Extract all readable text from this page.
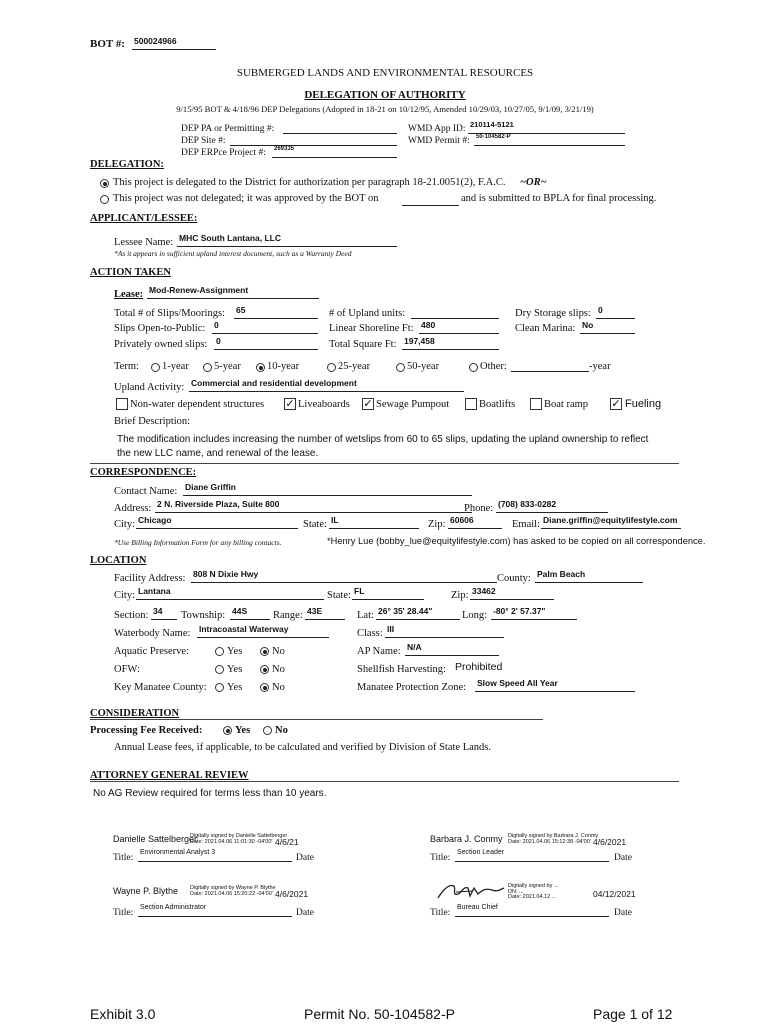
BOT #: 500024966
SUBMERGED LANDS AND ENVIRONMENTAL RESOURCES
DELEGATION OF AUTHORITY
9/15/95 BOT & 4/18/96 DEP Delegations (Adopted in 18-21 on 10/12/95, Amended 10/29/03, 10/27/05, 9/1/09, 3/21/19)
DEP PA or Permitting #:
DEP Site #:
DEP ERPce Project #:	269335
WMD App ID: 210114-5121
WMD Permit #:	50-104582-P
DELEGATION:
This project is delegated to the District for authorization per paragraph 18-21.0051(2), F.A.C. ~OR~
This project was not delegated; it was approved by the BOT on	and is submitted to BPLA for final processing.
APPLICANT/LESSEE:
Lessee Name: MHC South Lantana, LLC
*As it appears in sufficient upland interest document, such as a Warranty Deed
ACTION TAKEN
Lease: Mod-Renew-Assignment
Total # of Slips/Moorings: 65
Slips Open-to-Public: 0
Privately owned slips: 0
# of Upland units:
Linear Shoreline Ft: 480
Total Square Ft: 197,458
Dry Storage slips: 0
Clean Marina: No
Term: 1-year 5-year 10-year	25-year	50-year	Other:	-year
Upland Activity: Commercial and residential development
Non-water dependent structures ✓ Liveaboards ✓ Sewage Pumpout	Boatlifts	Boat ramp ✓ Fueling
Brief Description:
The modification includes increasing the number of wetslips from 60 to 65 slips, updating the upland ownership to reflect
the new LLC name, and renewal of the lease.
CORRESPONDENCE:
Contact Name: Diane Griffin
Address: 2 N. Riverside Plaza, Suite 800	Phone: (708) 833-0282
City: Chicago	State: IL	Zip: 60606	Email: Diane.griffin@equitylifestyle.com
*Use Billing Information Form for any billing contacts.	*Henry Lue (bobby_lue@equitylifestyle.com) has asked to be copied on all correspondence.
LOCATION
Facility Address: 808 N Dixie Hwy	County: Palm Beach
City: Lantana	State: FL	Zip: 33462
Section: 34	Township: 44S	Range: 43E	Lat: 26° 35' 28.44"	Long: -80° 2' 57.37"
Waterbody Name: Intracoastal Waterway	Class: III
Aquatic Preserve:	Yes	No
OFW:	Yes	No
Key Manatee County: Yes	No
AP Name: N/A
Shellfish Harvesting: Prohibited
Manatee Protection Zone: Slow Speed All Year
CONSIDERATION
Processing Fee Received:	Yes No
Annual Lease fees, if applicable, to be calculated and verified by Division of State Lands.
ATTORNEY GENERAL REVIEW
No AG Review required for terms less than 10 years.
Danielle Sattelberger
Digitally signed by Danielle Sattelberger
Date: 2021.04.06 11:01:30 -04'00' 4/6/21
Title:
Environmental Analyst 3
Date
Barbara J. Conmy Digitally signed by Barbara J. Conmy
Date: 2021.04.06 15:12:38 -04'00' 4/6/2021
Title:
Section Leader
Date
Wayne P. Blythe Digitally signed by Wayne P. Blythe
Date: 2021.04.06 15:20:22 -04'00' 4/6/2021
Title:
Section Administrator
Date
Digitally signed by ...
DN: ...
Date: 2021.04.12 ...	04/12/2021
Title:
Bureau Chief
Date
Exhibit 3.0	Permit No. 50-104582-P	Page 1 of 12
